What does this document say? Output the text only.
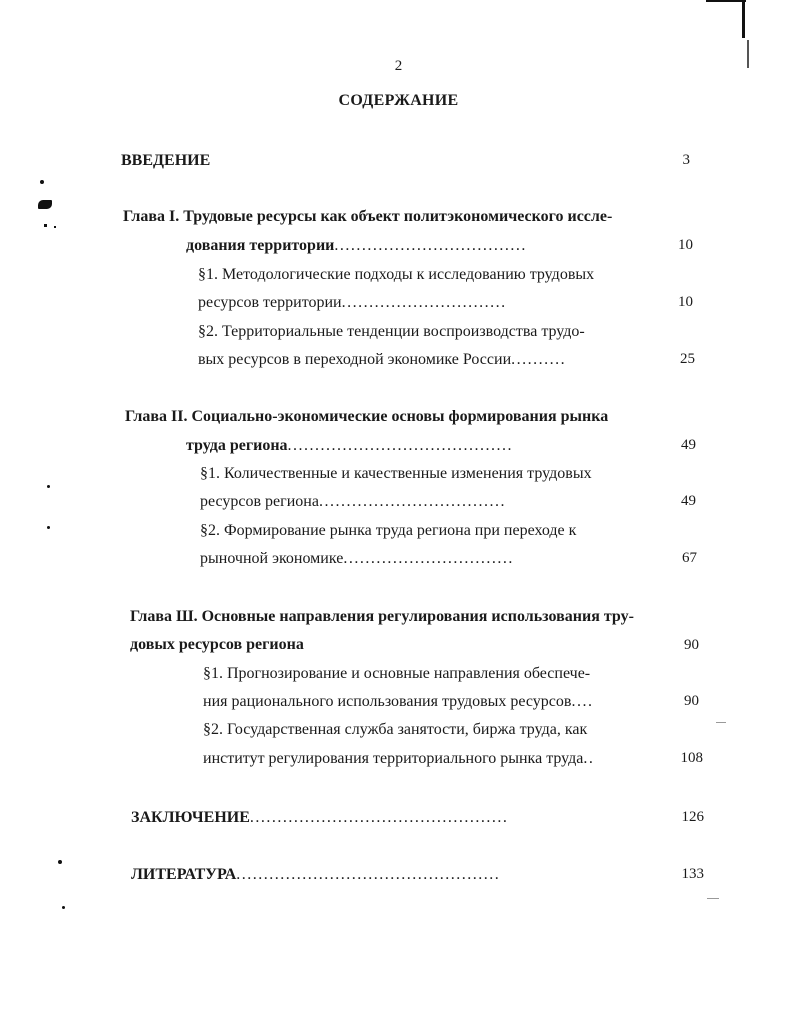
2
СОДЕРЖАНИЕ
ВВЕДЕНИЕ	3
Глава I. Трудовые ресурсы как объект политэкономического иссле-
дования территории...................................	10
§1. Методологические подходы к исследованию трудовых
ресурсов территории..............................	10
§2. Территориальные тенденции воспроизводства трудо-
вых ресурсов в переходной экономике России..........	25
Глава II. Социально-экономические основы формирования рынка
труда региона.........................................	49
§1. Количественные и качественные изменения трудовых
ресурсов региона..................................	49
§2. Формирование рынка труда региона при переходе к
рыночной экономике...............................	67
Глава Ш. Основные направления регулирования использования тру-
довых ресурсов региона	90
§1. Прогнозирование и основные направления обеспече-
ния рационального использования трудовых ресурсов....	90
§2. Государственная служба занятости, биржа труда, как
институт регулирования территориального рынка труда..	108
ЗАКЛЮЧЕНИЕ...............................................	126
ЛИТЕРАТУРА................................................	133
